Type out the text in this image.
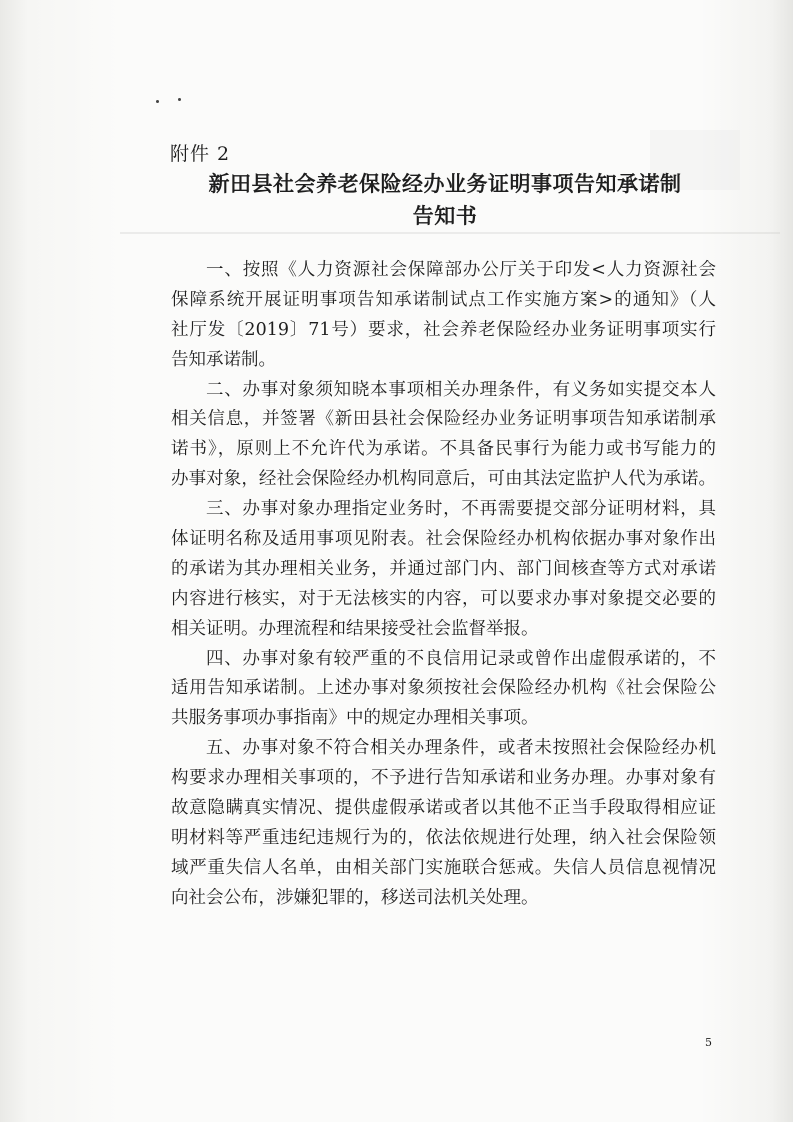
附件 2
新田县社会养老保险经办业务证明事项告知承诺制
告知书
一、按照《人力资源社会保障部办公厅关于印发<人力资源社会
保障系统开展证明事项告知承诺制试点工作实施方案>的通知》（人
社厅发〔2019〕71号）要求，社会养老保险经办业务证明事项实行
告知承诺制。
二、办事对象须知晓本事项相关办理条件，有义务如实提交本人
相关信息，并签署《新田县社会保险经办业务证明事项告知承诺制承
诺书》，原则上不允许代为承诺。不具备民事行为能力或书写能力的
办事对象，经社会保险经办机构同意后，可由其法定监护人代为承诺。
三、办事对象办理指定业务时，不再需要提交部分证明材料，具
体证明名称及适用事项见附表。社会保险经办机构依据办事对象作出
的承诺为其办理相关业务，并通过部门内、部门间核查等方式对承诺
内容进行核实，对于无法核实的内容，可以要求办事对象提交必要的
相关证明。办理流程和结果接受社会监督举报。
四、办事对象有较严重的不良信用记录或曾作出虚假承诺的，不
适用告知承诺制。上述办事对象须按社会保险经办机构《社会保险公
共服务事项办事指南》中的规定办理相关事项。
五、办事对象不符合相关办理条件，或者未按照社会保险经办机
构要求办理相关事项的，不予进行告知承诺和业务办理。办事对象有
故意隐瞒真实情况、提供虚假承诺或者以其他不正当手段取得相应证
明材料等严重违纪违规行为的，依法依规进行处理，纳入社会保险领
域严重失信人名单，由相关部门实施联合惩戒。失信人员信息视情况
向社会公布，涉嫌犯罪的，移送司法机关处理。
5
